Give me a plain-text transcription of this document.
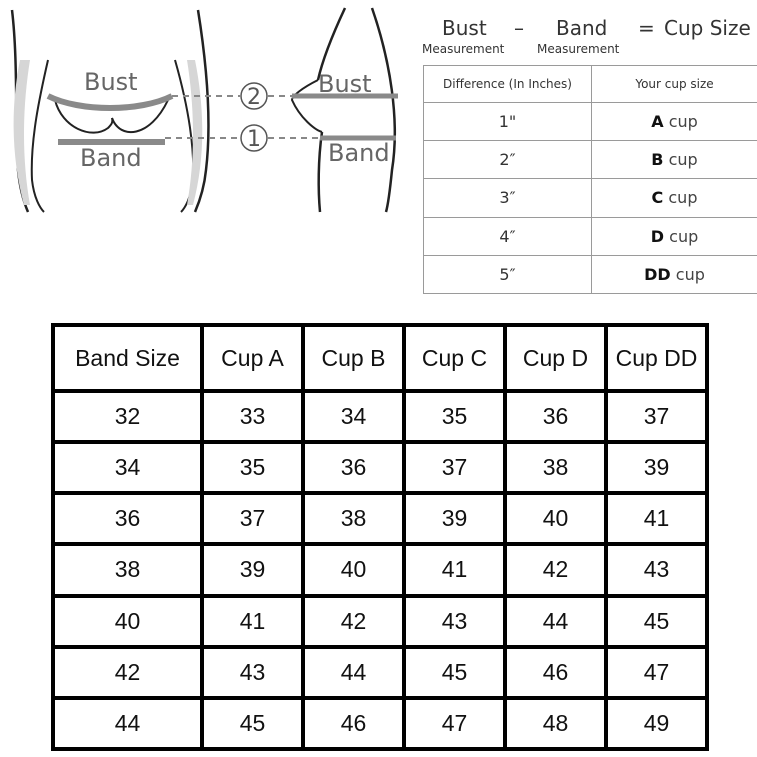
Bust
Band
2
1
Bust
Band
Bust
Measurement
– Band
Measurement
= Cup Size
Difference (In Inches)	Your cup size
1"	A cup
2″	B cup
3″	C cup
4″	D cup
5″	DD cup
Band Size	Cup A	Cup B	Cup C	Cup D	Cup DD
32	33	34	35	36	37
34	35	36	37	38	39
36	37	38	39	40	41
38	39	40	41	42	43
40	41	42	43	44	45
42	43	44	45	46	47
44	45	46	47	48	49
